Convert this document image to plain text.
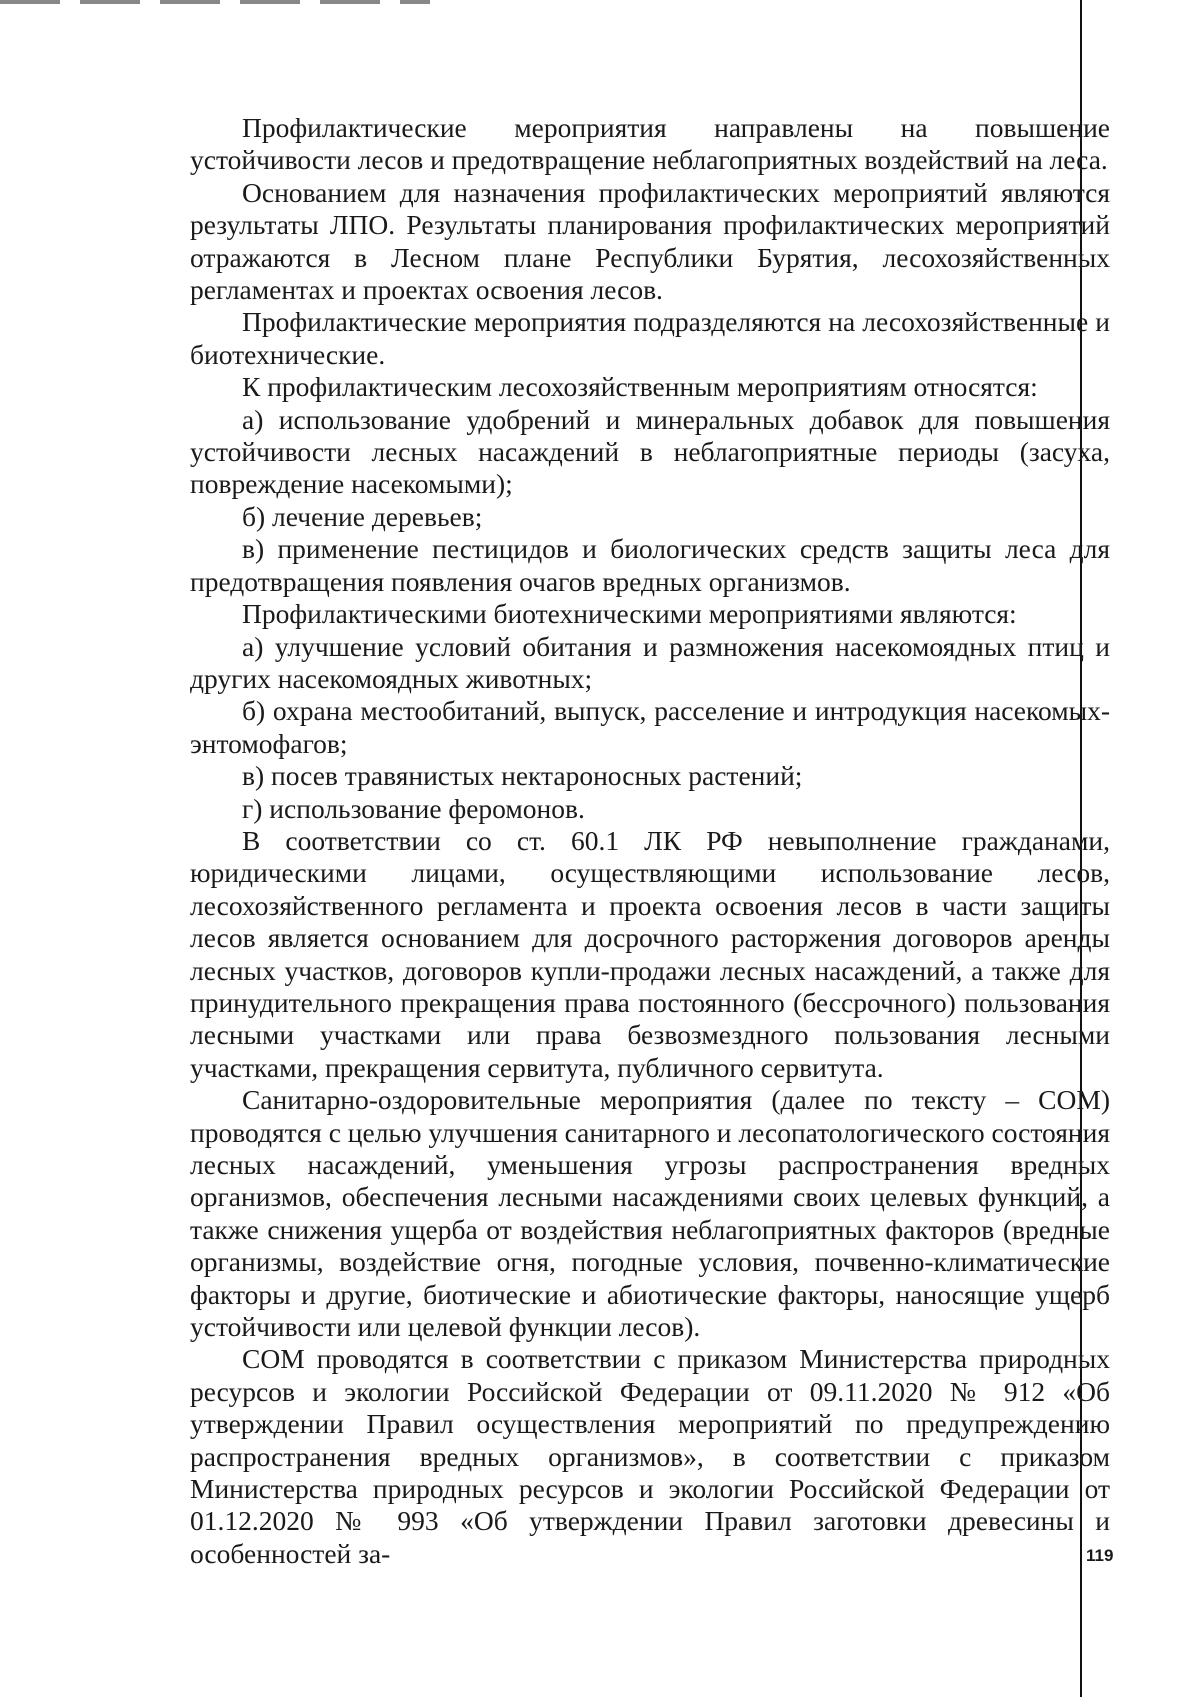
Профилактические мероприятия направлены на повышение устойчивости лесов и предотвращение неблагоприятных воздействий на леса.

Основанием для назначения профилактических мероприятий являются результаты ЛПО. Результаты планирования профилактических мероприятий отражаются в Лесном плане Республики Бурятия, лесохозяйственных регламентах и проектах освоения лесов.

Профилактические мероприятия подразделяются на лесохозяйственные и биотехнические.

К профилактическим лесохозяйственным мероприятиям относятся:

а) использование удобрений и минеральных добавок для повышения устойчивости лесных насаждений в неблагоприятные периоды (засуха, повреждение насекомыми);

б) лечение деревьев;

в) применение пестицидов и биологических средств защиты леса для предотвращения появления очагов вредных организмов.

Профилактическими биотехническими мероприятиями являются:

а) улучшение условий обитания и размножения насекомоядных птиц и других насекомоядных животных;

б) охрана местообитаний, выпуск, расселение и интродукция насекомых-энтомофагов;

в) посев травянистых нектароносных растений;

г) использование феромонов.

В соответствии со ст. 60.1 ЛК РФ невыполнение гражданами, юридическими лицами, осуществляющими использование лесов, лесохозяйственного регламента и проекта освоения лесов в части защиты лесов является основанием для досрочного расторжения договоров аренды лесных участков, договоров купли-продажи лесных насаждений, а также для принудительного прекращения права постоянного (бессрочного) пользования лесными участками или права безвозмездного пользования лесными участками, прекращения сервитута, публичного сервитута.

Санитарно-оздоровительные мероприятия (далее по тексту – СОМ) проводятся с целью улучшения санитарного и лесопатологического состояния лесных насаждений, уменьшения угрозы распространения вредных организмов, обеспечения лесными насаждениями своих целевых функций, а также снижения ущерба от воздействия неблагоприятных факторов (вредные организмы, воздействие огня, погодные условия, почвенно-климатические факторы и другие, биотические и абиотические факторы, наносящие ущерб устойчивости или целевой функции лесов).

СОМ проводятся в соответствии с приказом Министерства природных ресурсов и экологии Российской Федерации от 09.11.2020 № 912 «Об утверждении Правил осуществления мероприятий по предупреждению распространения вредных организмов», в соответствии с приказом Министерства природных ресурсов и экологии Российской Федерации от 01.12.2020 № 993 «Об утверждении Правил заготовки древесины и особенностей за-	119
